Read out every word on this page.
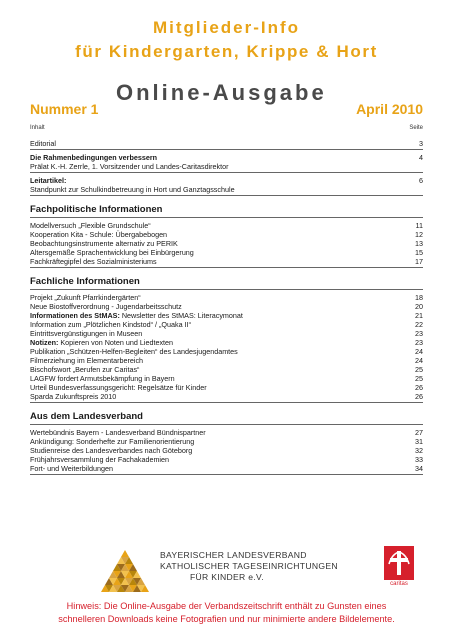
Mitglieder-Info
für Kindergarten, Krippe & Hort
Online-Ausgabe
Nummer 1	April 2010
Inhalt	Seite
Editorial	3
Die Rahmenbedingungen verbessern	4
Prälat K.-H. Zerrle, 1. Vorsitzender und Landes-Caritasdirektor
Leitartikel:	6
Standpunkt zur Schulkindbetreuung in Hort und Ganztagsschule
Fachpolitische Informationen
Modellversuch „Flexible Grundschule“	11
Kooperation Kita - Schule: Übergabebogen	12
Beobachtungsinstrumente alternativ zu PERIK	13
Altersgemäße Sprachentwicklung bei Einbürgerung	15
Fachkräftegipfel des Sozialministeriums	17
Fachliche Informationen
Projekt „Zukunft Pfarrkindergärten“	18
Neue Biostoffverordnung - Jugendarbeitsschutz	20
Informationen des StMAS: Newsletter des StMAS: Literacymonat	21
Information zum „Plötzlichen Kindstod“ / „Quaka II“	22
Eintrittsvergünstigungen in Museen	23
Notizen: Kopieren von Noten und Liedtexten	23
Publikation „Schützen-Helfen-Begleiten“ des Landesjugendamtes	24
Filmerziehung im Elementarbereich	24
Bischofswort „Berufen zur Caritas“	25
LAGFW fordert Armutsbekämpfung in Bayern	25
Urteil Bundesverfassungsgericht: Regelsätze für Kinder	26
Sparda Zukunftspreis 2010	26
Aus dem Landesverband
Wertebündnis Bayern - Landesverband Bündnispartner	27
Ankündigung: Sonderhefte zur Familienorientierung	31
Studienreise des Landesverbandes nach Göteborg	32
Frühjahrsversammlung der Fachakademien	33
Fort- und Weiterbildungen	34
BAYERISCHER LANDESVERBAND
KATHOLISCHER TAGESEINRICHTUNGEN
FÜR KINDER e.V.
caritas
Hinweis: Die Online-Ausgabe der Verbandszeitschrift enthält zu Gunsten eines
schnelleren Downloads keine Fotografien und nur minimierte andere Bildelemente.
